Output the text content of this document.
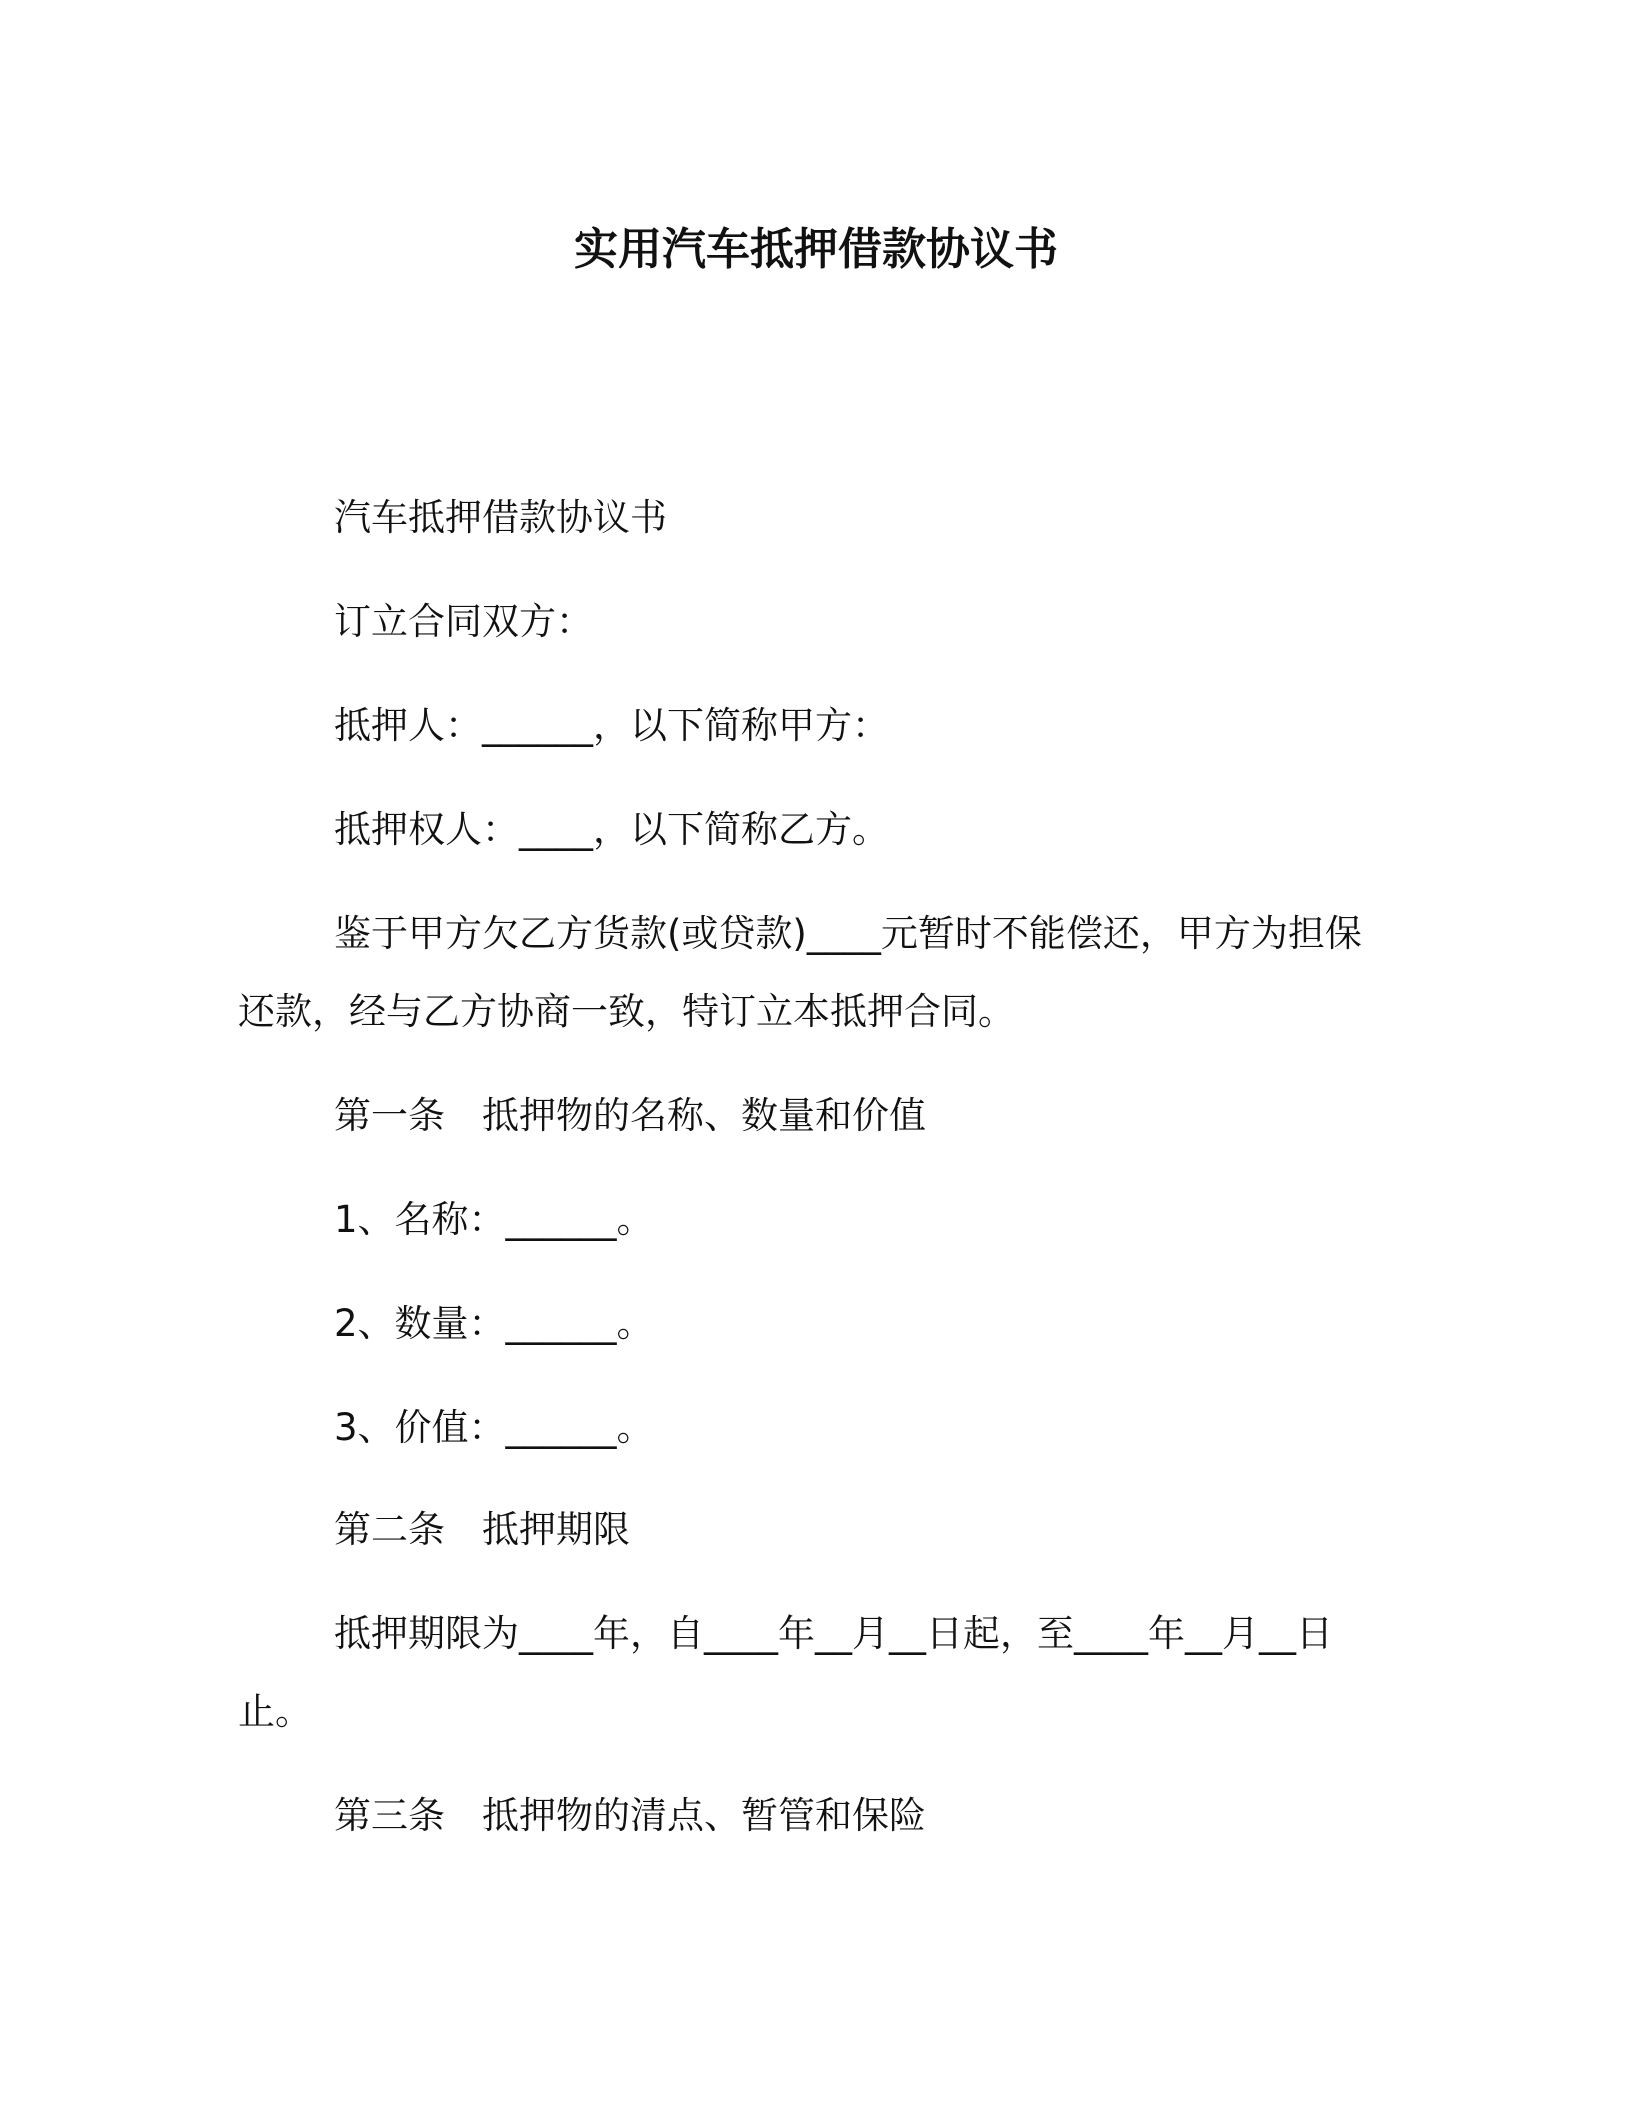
实用汽车抵押借款协议书
汽车抵押借款协议书
订立合同双方：
抵押人：______，以下简称甲方：
抵押权人：____，以下简称乙方。
鉴于甲方欠乙方货款(或贷款)____元暂时不能偿还，甲方为担保
还款，经与乙方协商一致，特订立本抵押合同。
第一条　抵押物的名称、数量和价值
1、名称：______。
2、数量：______。
3、价值：______。
第二条　抵押期限
抵押期限为____年，自____年__月__日起，至____年__月__日
止。
第三条　抵押物的清点、暂管和保险
